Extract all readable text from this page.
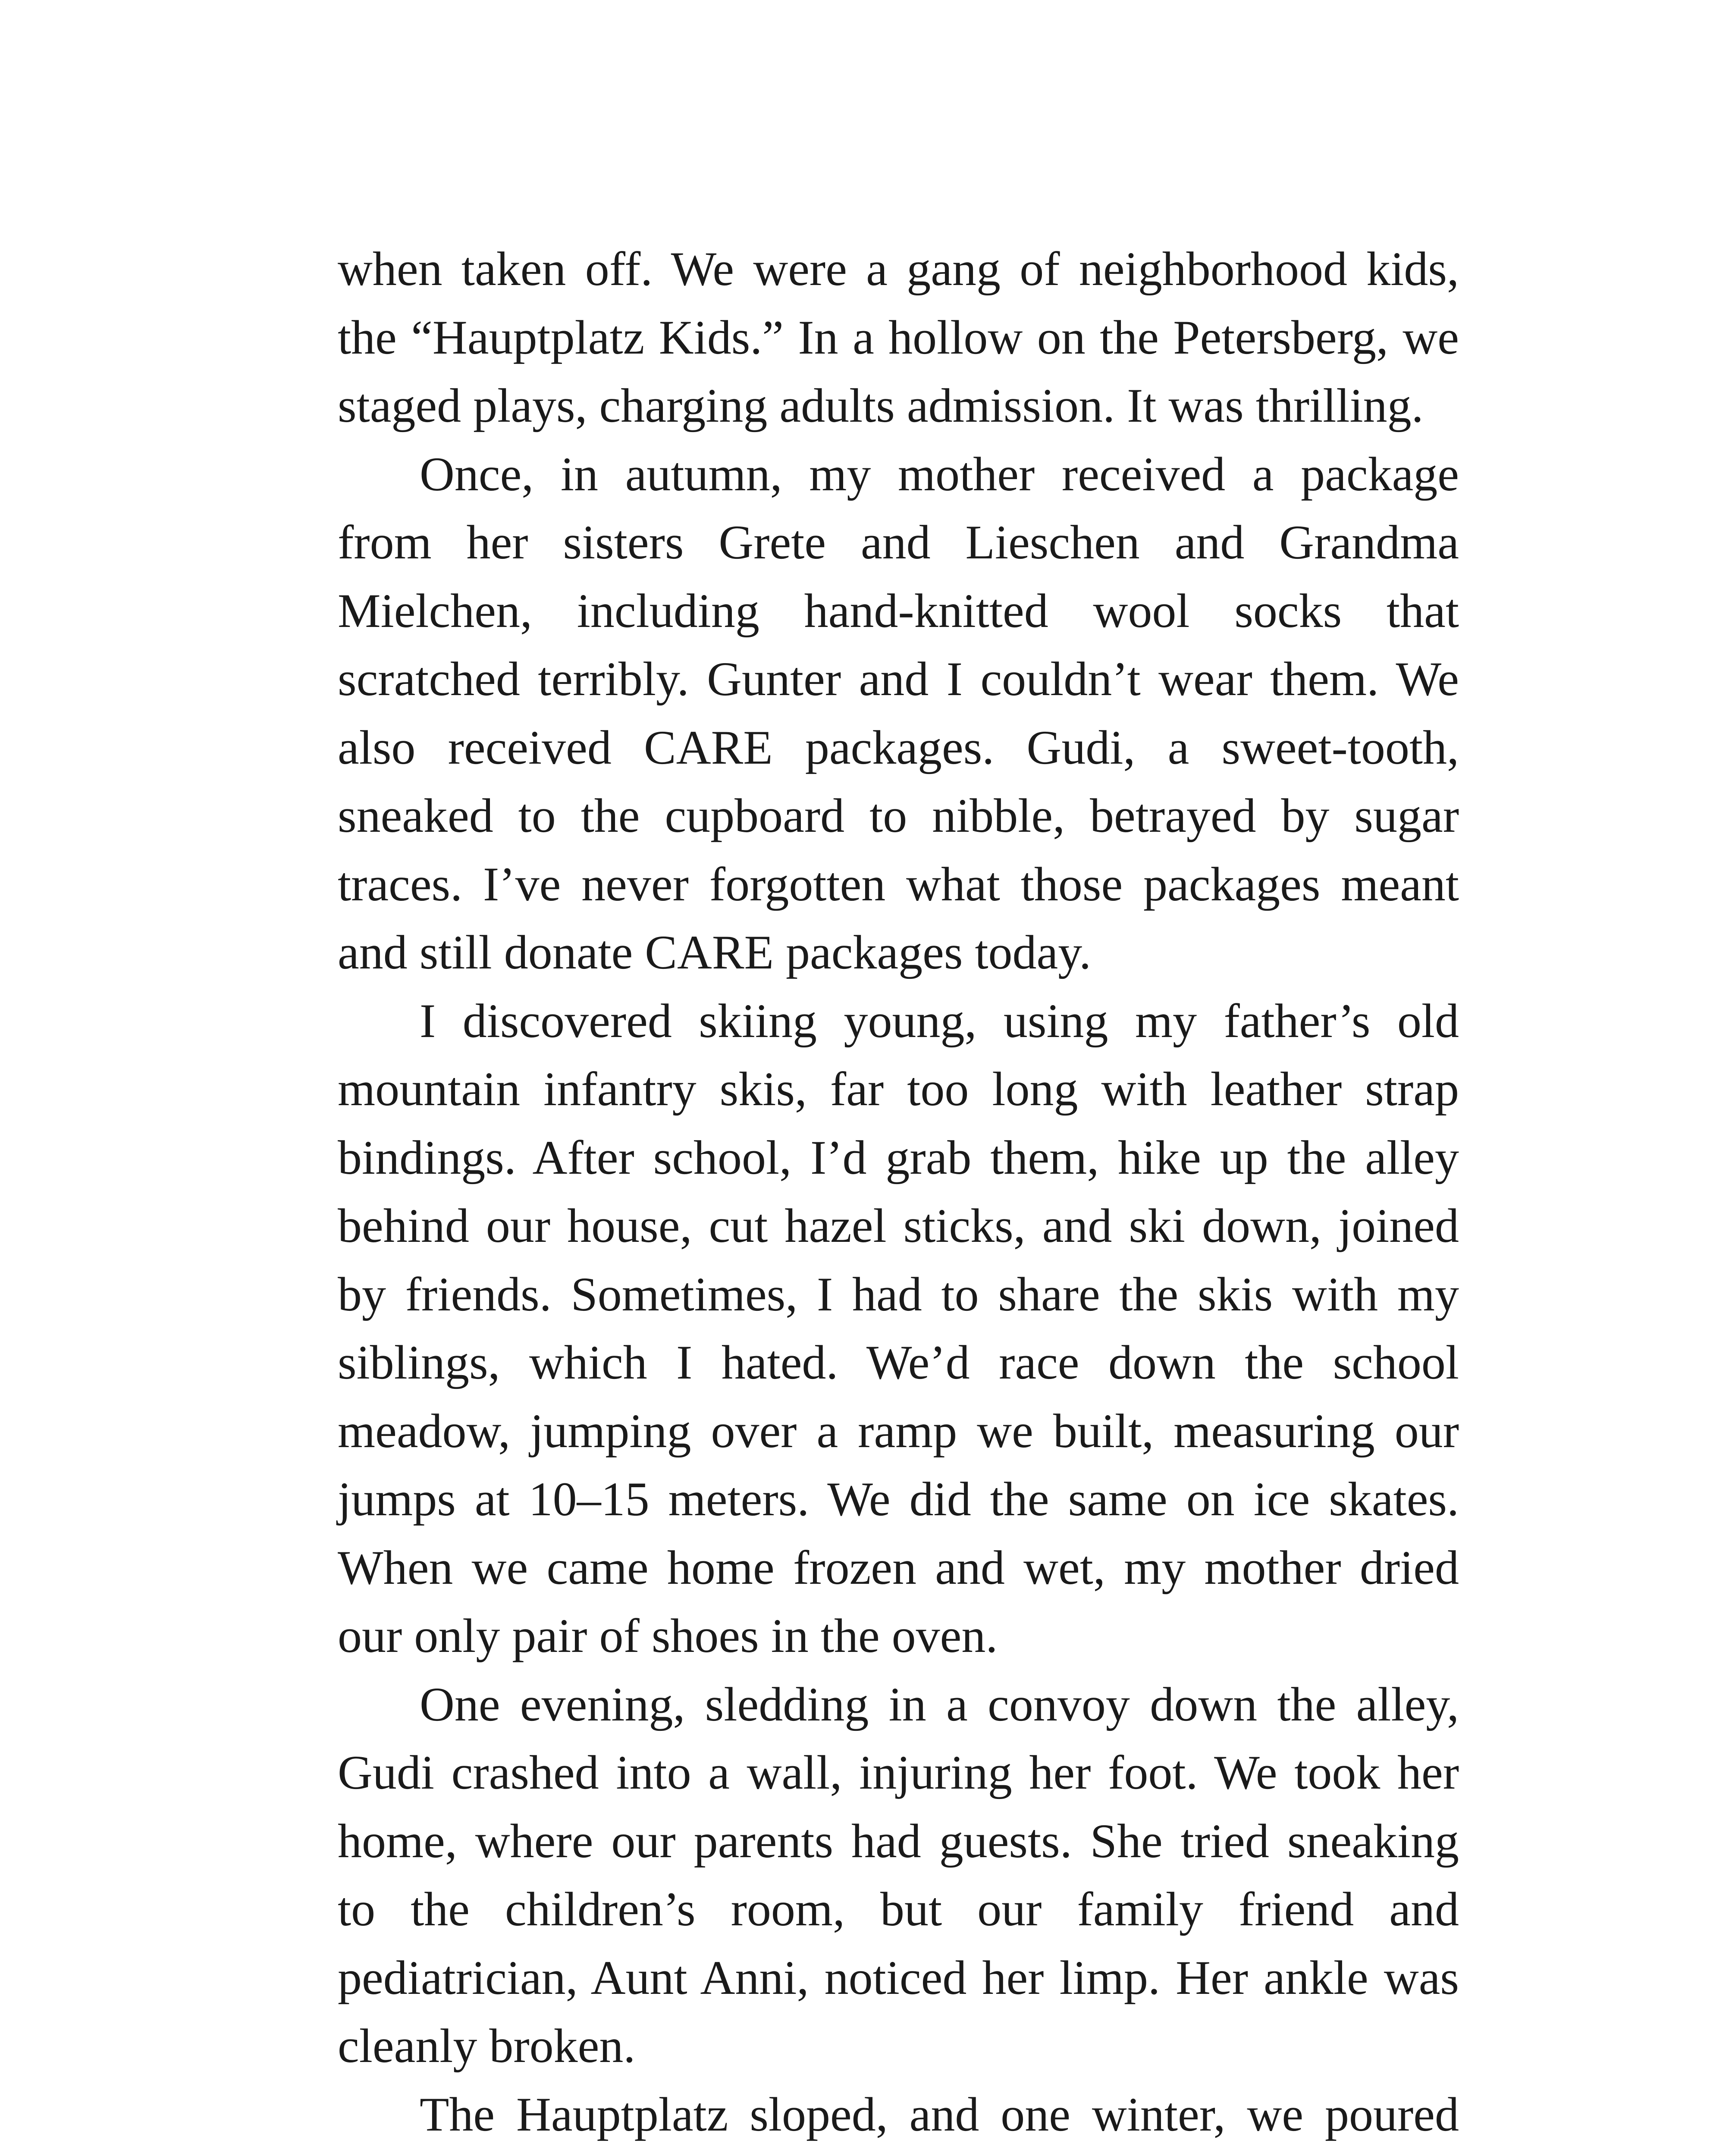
when taken off. We were a gang of neighborhood kids, the “Hauptplatz Kids.” In a hollow on the Petersberg, we staged plays, charging adults admission. It was thrilling.

Once, in autumn, my mother received a package from her sisters Grete and Lieschen and Grandma Mielchen, including hand-knitted wool socks that scratched terribly. Gunter and I couldn’t wear them. We also received CARE packages. Gudi, a sweet-tooth, sneaked to the cupboard to nibble, betrayed by sugar traces. I’ve never forgotten what those packages meant and still donate CARE packages today.

I discovered skiing young, using my father’s old mountain infantry skis, far too long with leather strap bindings. After school, I’d grab them, hike up the alley behind our house, cut hazel sticks, and ski down, joined by friends. Sometimes, I had to share the skis with my siblings, which I hated. We’d race down the school meadow, jumping over a ramp we built, measuring our jumps at 10–15 meters. We did the same on ice skates. When we came home frozen and wet, my mother dried our only pair of shoes in the oven.

One evening, sledding in a convoy down the alley, Gudi crashed into a wall, injuring her foot. We took her home, where our parents had guests. She tried sneaking to the children’s room, but our family friend and pediatrician, Aunt Anni, noticed her limp. Her ankle was cleanly broken.

The Hauptplatz sloped, and one winter, we poured
